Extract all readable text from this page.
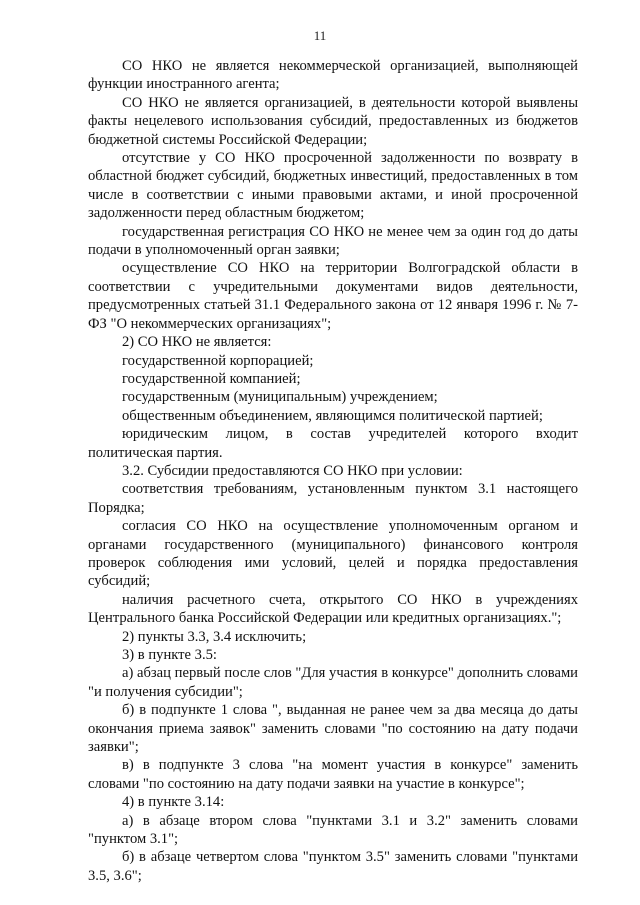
11

СО НКО не является некоммерческой организацией, выполняющей функции иностранного агента;

СО НКО не является организацией, в деятельности которой выявлены факты нецелевого использования субсидий, предоставленных из бюджетов бюджетной системы Российской Федерации;

отсутствие у СО НКО просроченной задолженности по возврату в областной бюджет субсидий, бюджетных инвестиций, предоставленных в том числе в соответствии с иными правовыми актами, и иной просроченной задолженности перед областным бюджетом;

государственная регистрация СО НКО не менее чем за один год до даты подачи в уполномоченный орган заявки;

осуществление СО НКО на территории Волгоградской области в соответствии с учредительными документами видов деятельности, предусмотренных статьей 31.1 Федерального закона от 12 января 1996 г. № 7-ФЗ "О некоммерческих организациях";

2) СО НКО не является:

государственной корпорацией;

государственной компанией;

государственным (муниципальным) учреждением;

общественным объединением, являющимся политической партией;

юридическим лицом, в состав учредителей которого входит политическая партия.

3.2. Субсидии предоставляются СО НКО при условии:

соответствия требованиям, установленным пунктом 3.1 настоящего Порядка;

согласия СО НКО на осуществление уполномоченным органом и органами государственного (муниципального) финансового контроля проверок соблюдения ими условий, целей и порядка предоставления субсидий;

наличия расчетного счета, открытого СО НКО в учреждениях Центрального банка Российской Федерации или кредитных организациях.";

2) пункты 3.3, 3.4 исключить;

3) в пункте 3.5:

а) абзац первый после слов "Для участия в конкурсе" дополнить словами "и получения субсидии";

б) в подпункте 1 слова ", выданная не ранее чем за два месяца до даты окончания приема заявок" заменить словами "по состоянию на дату подачи заявки";

в) в подпункте 3 слова "на момент участия в конкурсе" заменить словами "по состоянию на дату подачи заявки на участие в конкурсе";

4) в пункте 3.14:

а) в абзаце втором слова "пунктами 3.1 и 3.2" заменить словами "пунктом 3.1";

б) в абзаце четвертом слова "пунктом 3.5" заменить словами "пунктами 3.5, 3.6";
